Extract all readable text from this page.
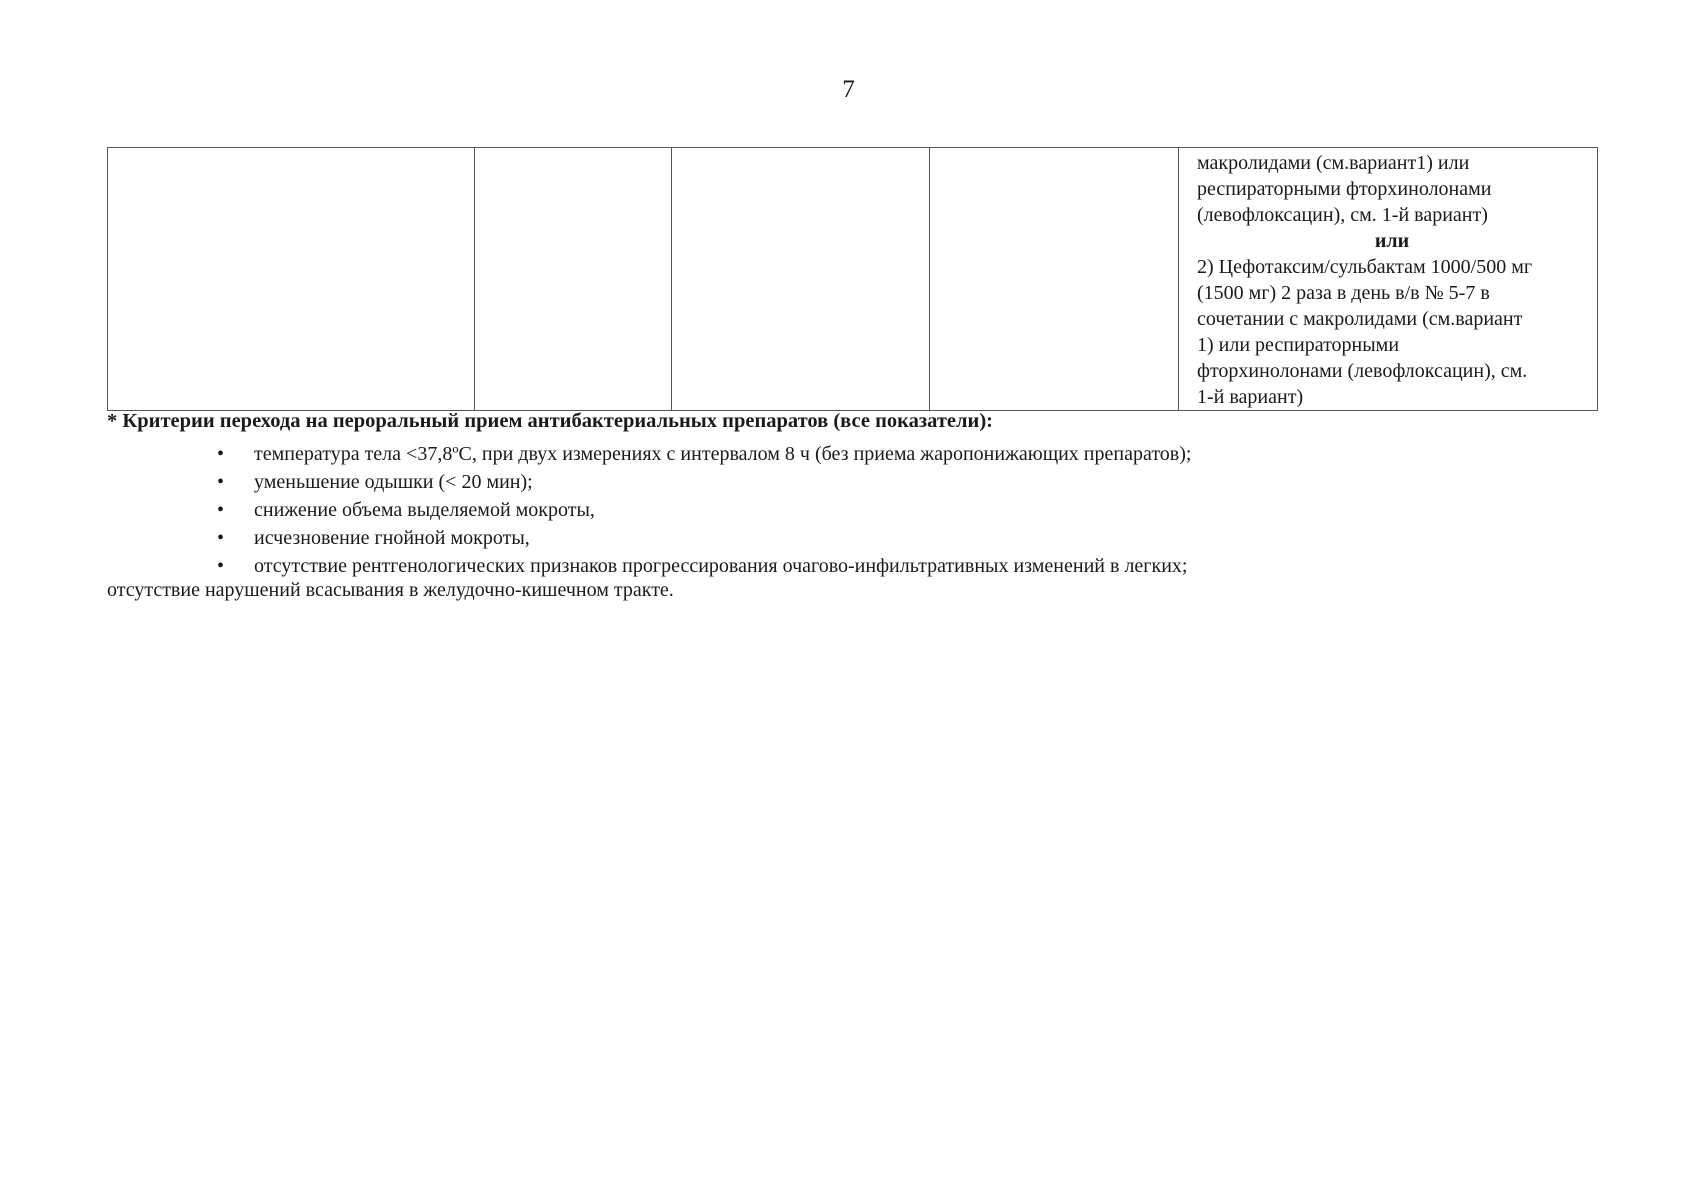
7

макролидами (см.вариант1) или
респираторными фторхинолонами
(левофлоксацин), см. 1-й вариант)
или
2) Цефотаксим/сульбактам 1000/500 мг
(1500 мг) 2 раза в день в/в № 5-7 в
сочетании с макролидами (см.вариант
1) или респираторными
фторхинолонами (левофлоксацин), см.
1-й вариант)
* Критерии перехода на пероральный прием антибактериальных препаратов (все показатели):
• температура тела <37,8ºС, при двух измерениях с интервалом 8 ч (без приема жаропонижающих препаратов);
• уменьшение одышки (< 20 мин);
• снижение объема выделяемой мокроты,
• исчезновение гнойной мокроты,
• отсутствие рентгенологических признаков прогрессирования очагово-инфильтративных изменений в легких;
отсутствие нарушений всасывания в желудочно-кишечном тракте.
